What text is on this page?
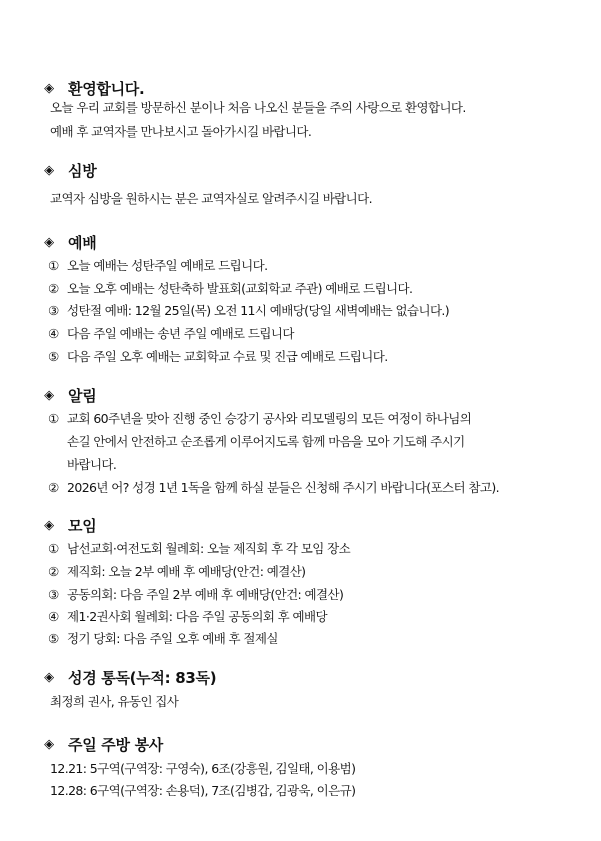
◈ 환영합니다.
오늘 우리 교회를 방문하신 분이나 처음 나오신 분들을 주의 사랑으로 환영합니다.
예배 후 교역자를 만나보시고 돌아가시길 바랍니다.
◈ 심방
교역자 심방을 원하시는 분은 교역자실로 알려주시길 바랍니다.
◈ 예배
① 오늘 예배는 성탄주일 예배로 드립니다.
② 오늘 오후 예배는 성탄축하 발표회(교회학교 주관) 예배로 드립니다.
③ 성탄절 예배: 12월 25일(목) 오전 11시 예배당(당일 새벽예배는 없습니다.)
④ 다음 주일 예배는 송년 주일 예배로 드립니다
⑤ 다음 주일 오후 예배는 교회학교 수료 및 진급 예배로 드립니다.
◈ 알림
① 교회 60주년을 맞아 진행 중인 승강기 공사와 리모델링의 모든 여정이 하나님의
손길 안에서 안전하고 순조롭게 이루어지도록 함께 마음을 모아 기도해 주시기
바랍니다.
② 2026년 어? 성경 1년 1독을 함께 하실 분들은 신청해 주시기 바랍니다(포스터 참고).
◈ 모임
① 남선교회·여전도회 월례회: 오늘 제직회 후 각 모임 장소
② 제직회: 오늘 2부 예배 후 예배당(안건: 예결산)
③ 공동의회: 다음 주일 2부 예배 후 예배당(안건: 예결산)
④ 제1·2권사회 월례회: 다음 주일 공동의회 후 예배당
⑤ 정기 당회: 다음 주일 오후 예배 후 절제실
◈ 성경 통독(누적: 83독)
최정희 권사, 유동인 집사
◈ 주일 주방 봉사
12.21: 5구역(구역장: 구영숙), 6조(강흥원, 김일태, 이용범)
12.28: 6구역(구역장: 손용덕), 7조(김병갑, 김광욱, 이은규)
